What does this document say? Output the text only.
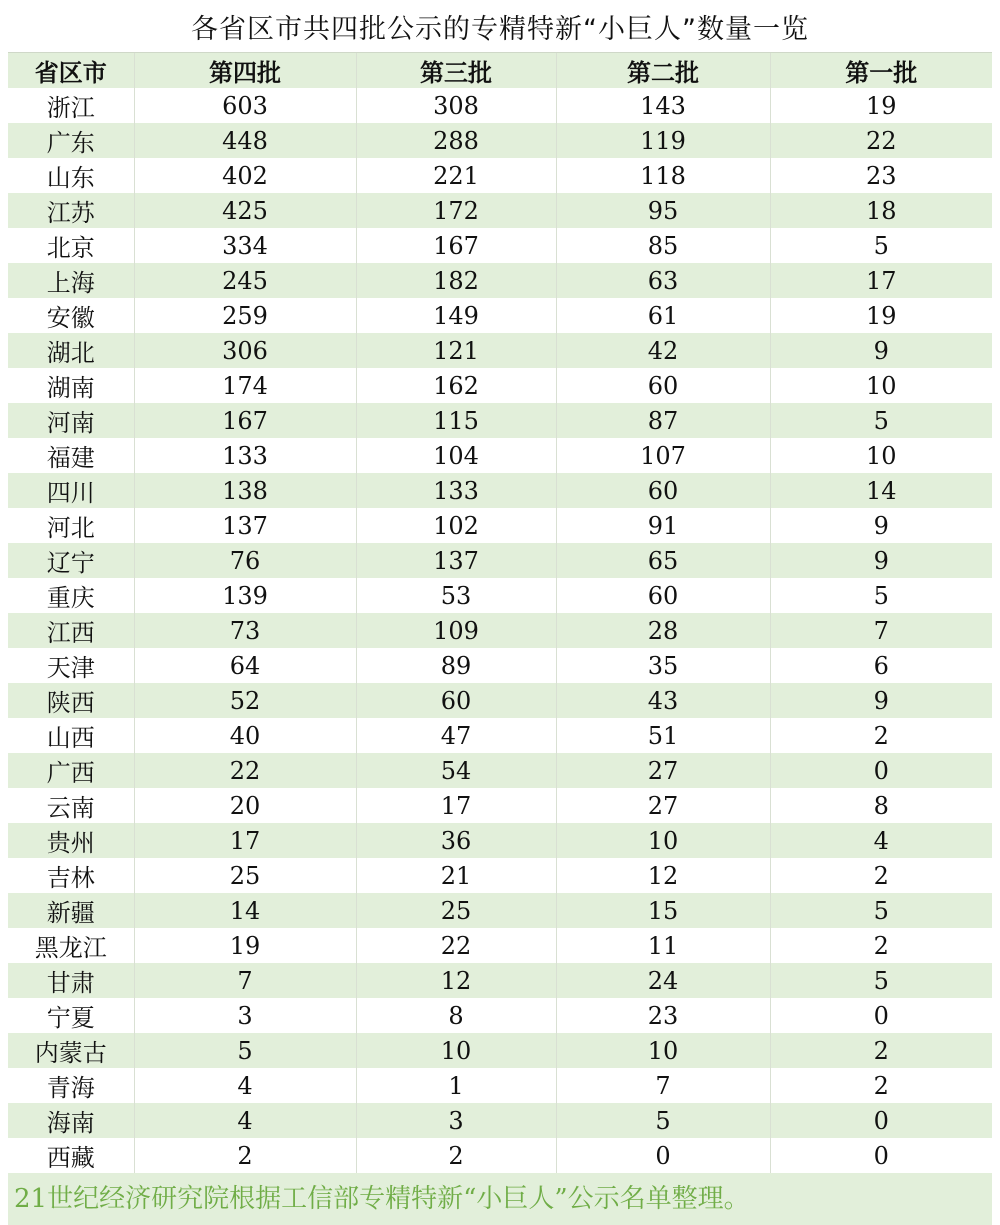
各省区市共四批公示的专精特新“小巨人”数量一览
省区市	第四批	第三批	第二批	第一批
浙江	603	308	143	19
广东	448	288	119	22
山东	402	221	118	23
江苏	425	172	95	18
北京	334	167	85	5
上海	245	182	63	17
安徽	259	149	61	19
湖北	306	121	42	9
湖南	174	162	60	10
河南	167	115	87	5
福建	133	104	107	10
四川	138	133	60	14
河北	137	102	91	9
辽宁	76	137	65	9
重庆	139	53	60	5
江西	73	109	28	7
天津	64	89	35	6
陕西	52	60	43	9
山西	40	47	51	2
广西	22	54	27	0
云南	20	17	27	8
贵州	17	36	10	4
吉林	25	21	12	2
新疆	14	25	15	5
黑龙江	19	22	11	2
甘肃	7	12	24	5
宁夏	3	8	23	0
内蒙古	5	10	10	2
青海	4	1	7	2
海南	4	3	5	0
西藏	2	2	0	0
21世纪经济研究院根据工信部专精特新“小巨人”公示名单整理。
